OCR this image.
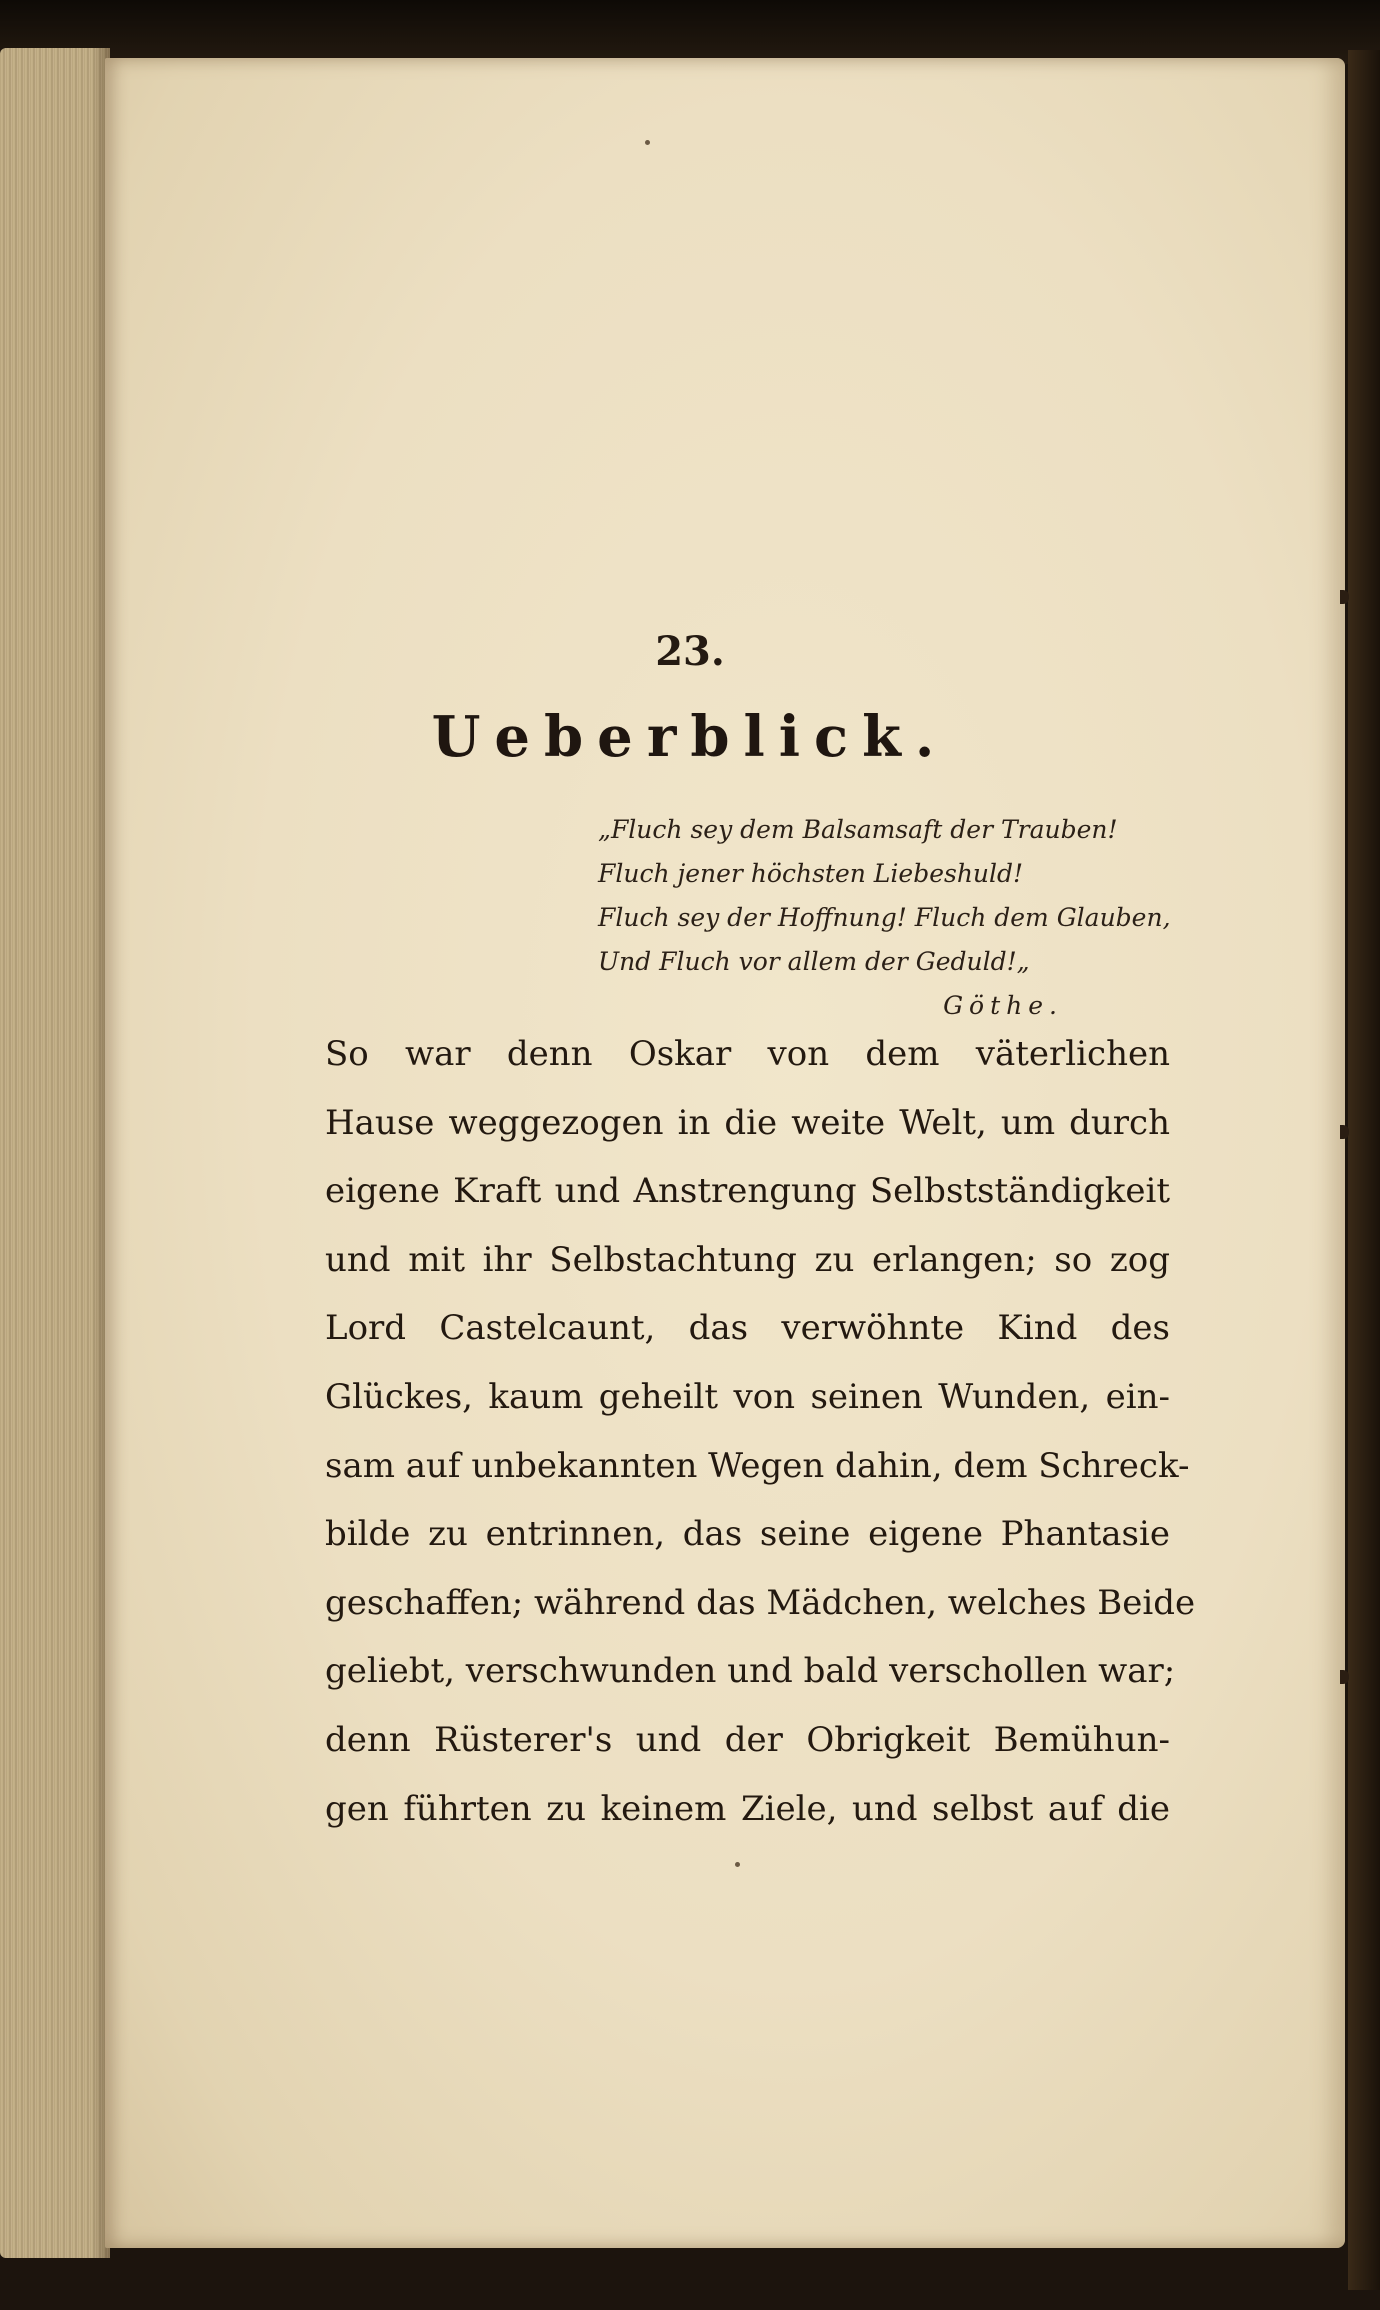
23.
Ueberblick.
„Fluch sey dem Balsamsaft der Trauben!
Fluch jener höchsten Liebeshuld!
Fluch sey der Hoffnung! Fluch dem Glauben,
Und Fluch vor allem der Geduld!„
Göthe.
So war denn Oskar von dem väterlichen
Hause weggezogen in die weite Welt, um durch
eigene Kraft und Anstrengung Selbstständigkeit
und mit ihr Selbstachtung zu erlangen; so zog
Lord Castelcaunt, das verwöhnte Kind des
Glückes, kaum geheilt von seinen Wunden, ein-
sam auf unbekannten Wegen dahin, dem Schreck-
bilde zu entrinnen, das seine eigene Phantasie
geschaffen; während das Mädchen, welches Beide
geliebt, verschwunden und bald verschollen war;
denn Rüsterer's und der Obrigkeit Bemühun-
gen führten zu keinem Ziele, und selbst auf die
